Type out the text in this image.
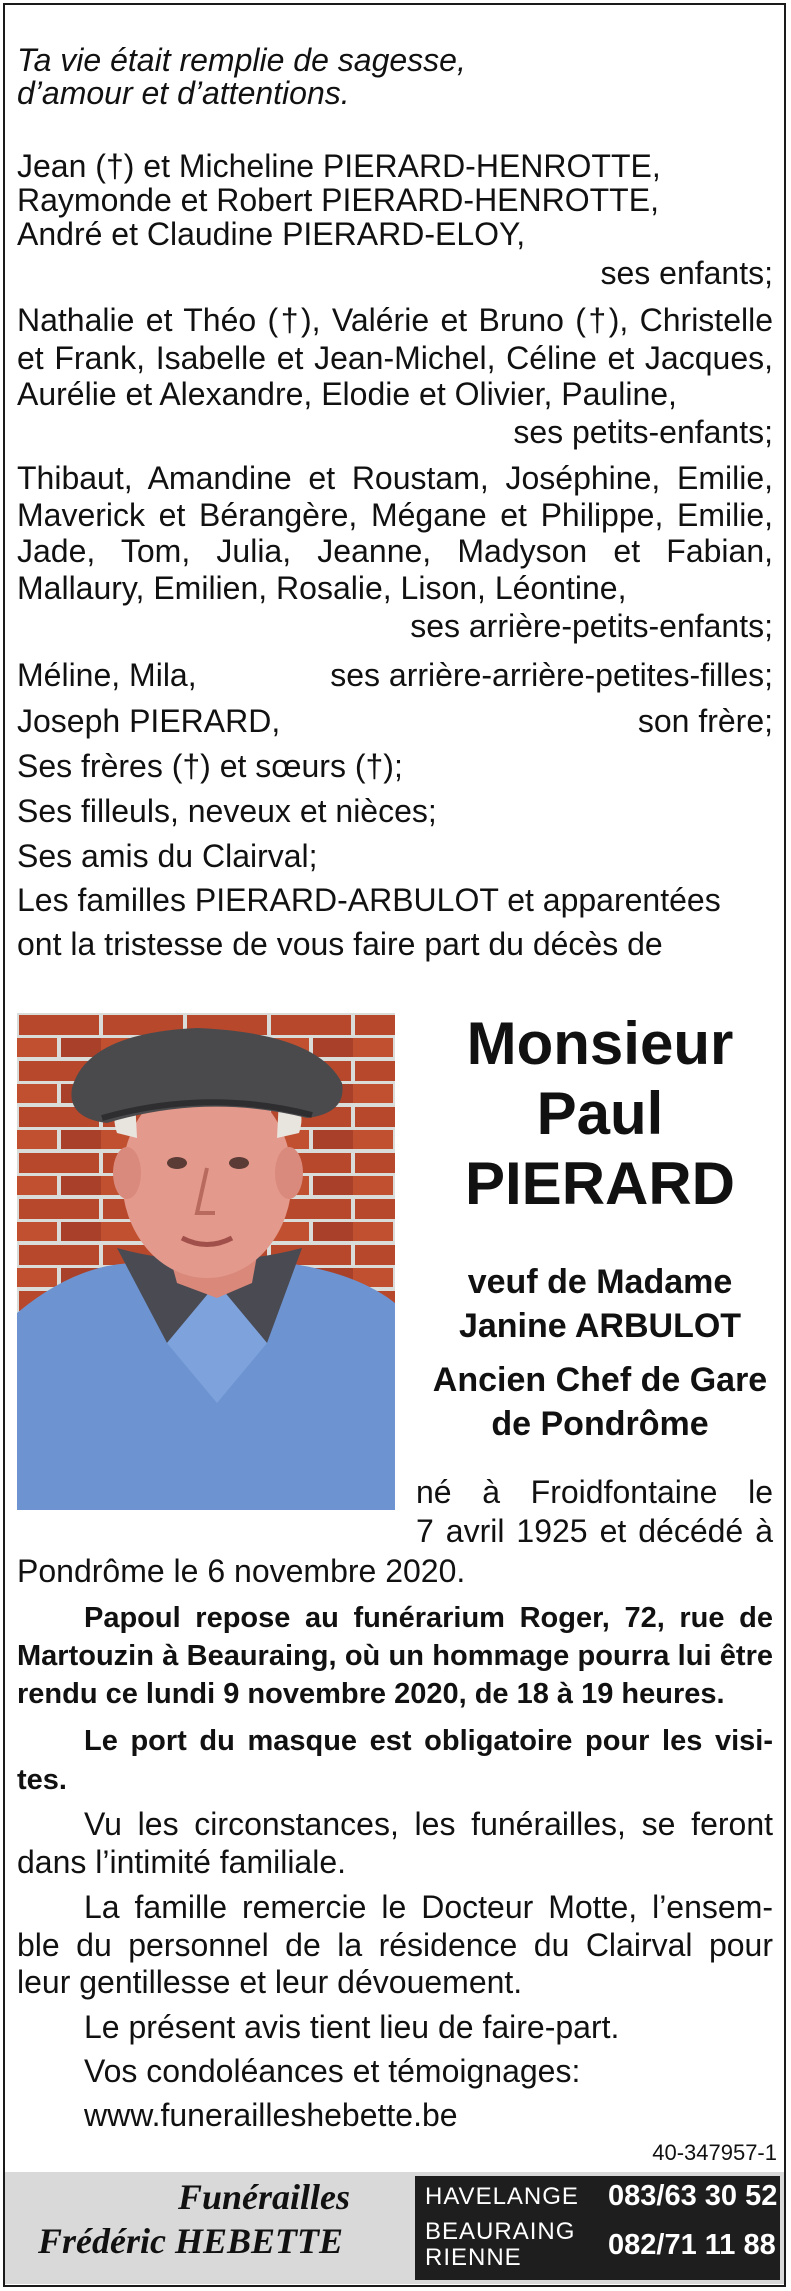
Ta vie était remplie de sagesse,
d’amour et d’attentions.
Jean (†) et Micheline PIERARD-HENROTTE,
Raymonde et Robert PIERARD-HENROTTE,
André et Claudine PIERARD-ELOY,
ses enfants;
Nathalie et Théo (†), Valérie et Bruno (†), Christelle
et Frank, Isabelle et Jean-Michel, Céline et Jacques,
Aurélie et Alexandre, Elodie et Olivier, Pauline,
ses petits-enfants;
Thibaut, Amandine et Roustam, Joséphine, Emilie,
Maverick et Bérangère, Mégane et Philippe, Emilie,
Jade, Tom, Julia, Jeanne, Madyson et Fabian,
Mallaury, Emilien, Rosalie, Lison, Léontine,
ses arrière-petits-enfants;
Méline, Mila,	ses arrière-arrière-petites-filles;
Joseph PIERARD,	son frère;
Ses frères (†) et sœurs (†);
Ses filleuls, neveux et nièces;
Ses amis du Clairval;
Les familles PIERARD-ARBULOT et apparentées
ont la tristesse de vous faire part du décès de
Monsieur
Paul
PIERARD
veuf de Madame
Janine ARBULOT
Ancien Chef de Gare
de Pondrôme
né à Froidfontaine le
7 avril 1925 et décédé à
Pondrôme le 6 novembre 2020.
Papoul repose au funérarium Roger, 72, rue de
Martouzin à Beauraing, où un hommage pourra lui être
rendu ce lundi 9 novembre 2020, de 18 à 19 heures.
Le port du masque est obligatoire pour les visi-
tes.
Vu les circonstances, les funérailles, se feront
dans l’intimité familiale.
La famille remercie le Docteur Motte, l’ensem-
ble du personnel de la résidence du Clairval pour
leur gentillesse et leur dévouement.
Le présent avis tient lieu de faire-part.
Vos condoléances et témoignages:
www.funerailleshebette.be
40-347957-1
Funérailles
Frédéric HEBETTE
HAVELANGE 083/63 30 52
BEAURAING
RIENNE	082/71 11 88
